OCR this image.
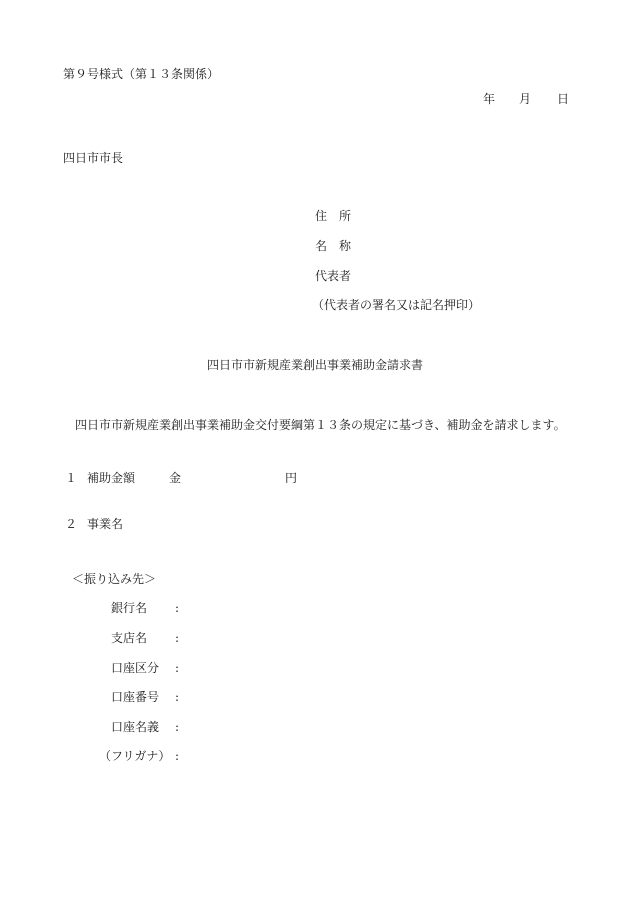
第９号様式（第１３条関係）
年 月 日
四日市市長
住　所
名　称
代表者
（代表者の署名又は記名押印）
四日市市新規産業創出事業補助金請求書
四日市市新規産業創出事業補助金交付要綱第１３条の規定に基づき、補助金を請求します。
１ 補助金額	金	円
２ 事業名
＜振り込み先＞
銀行名 :
支店名 :
口座区分 :
口座番号 :
口座名義 :
（フリガナ） :
